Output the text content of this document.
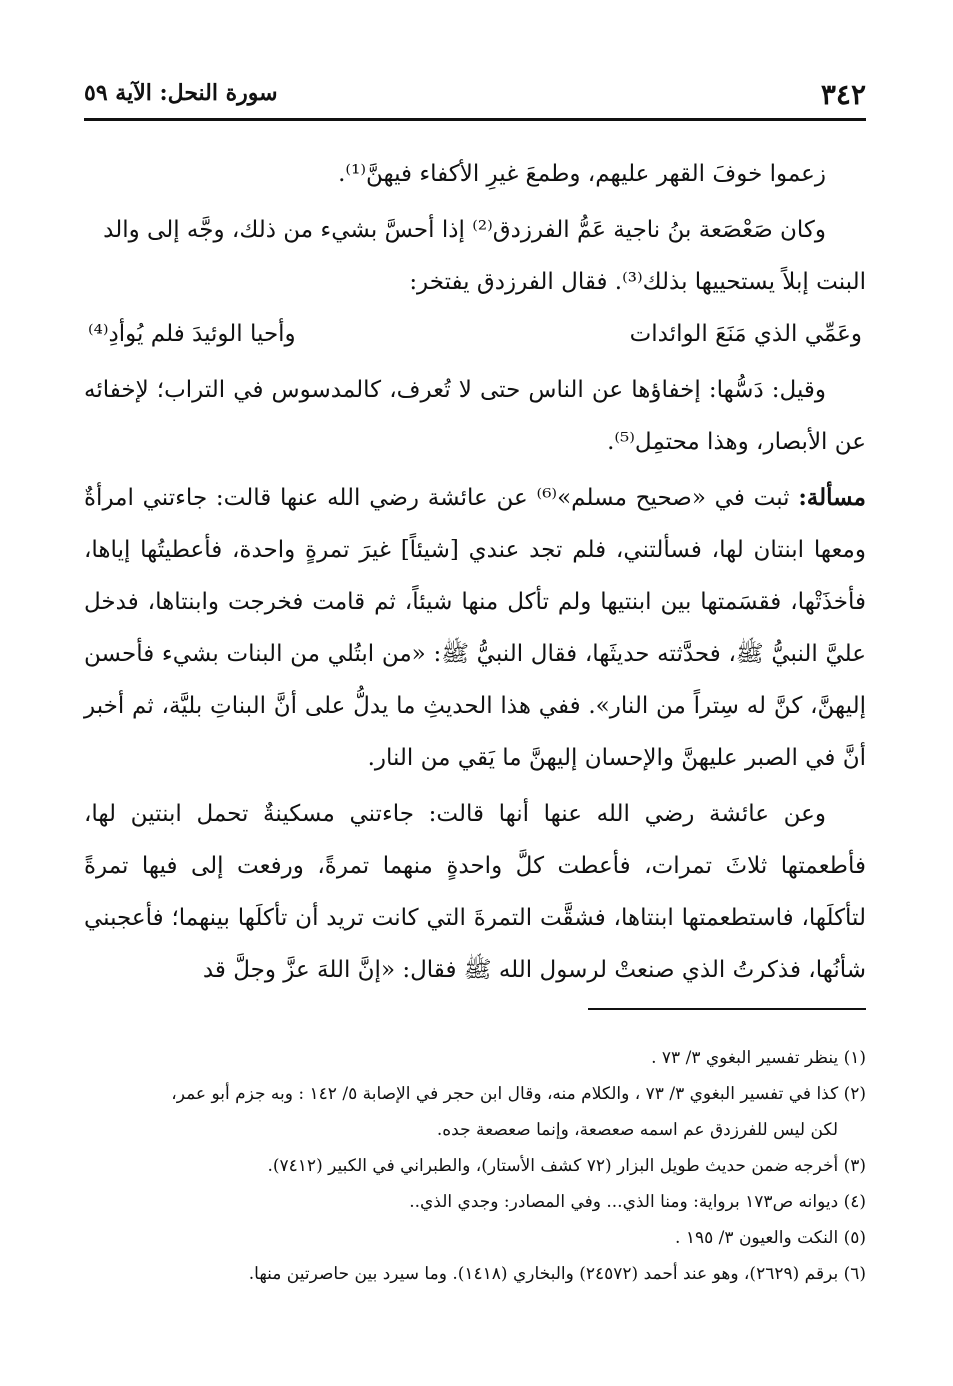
٣٤٢
سورة النحل: الآية ٥٩

زعموا خوفَ القهر عليهم، وطمعَ غيرِ الأكفاء فيهنَّ⁽¹⁾.

وكان صَعْصَعة بنُ ناجية عَمُّ الفرزدق⁽²⁾ إذا أحسَّ بشيء من ذلك، وجَّه إلى والد

البنت إبلاً يستحييها بذلك⁽³⁾. فقال الفرزدق يفتخر:

وعَمِّي الذي مَنَعَ الوائدات
وأحيا الوئيدَ فلم يُوأدِ⁽⁴⁾

وقيل: دَسُّها: إخفاؤها عن الناس حتى لا تُعرف، كالمدسوس في التراب؛ لإخفائه عن الأبصار، وهذا محتمِل⁽⁵⁾.

مسألة: ثبت في «صحيح مسلم»⁽⁶⁾ عن عائشة رضي الله عنها قالت: جاءتني امرأةٌ ومعها ابنتان لها، فسألتني، فلم تجد عندي [شيئاً] غيرَ تمرةٍ واحدة، فأعطيتُها إياها، فأخذَتْها، فقسَمتها بين ابنتيها ولم تأكل منها شيئاً، ثم قامت فخرجت وابنتاها، فدخل عليَّ النبيُّ ﷺ، فحدَّثته حديثَها، فقال النبيُّ ﷺ: «من ابتُلي من البنات بشيء فأحسن إليهنَّ، كنَّ له سِتراً من النار». ففي هذا الحديثِ ما يدلُّ على أنَّ البناتِ بليَّة، ثم أخبر أنَّ في الصبر عليهنَّ والإحسان إليهنَّ ما يَقي من النار.

وعن عائشة رضي الله عنها أنها قالت: جاءتني مسكينةٌ تحمل ابنتين لها، فأطعمتها ثلاثَ تمرات، فأعطت كلَّ واحدةٍ منهما تمرةً، ورفعت إلى فيها تمرةً لتأكلَها، فاستطعمتها ابنتاها، فشقَّت التمرةَ التي كانت تريد أن تأكلَها بينهما؛ فأعجبني شأنُها، فذكرتُ الذي صنعتْ لرسول الله ﷺ فقال: «إنَّ اللهَ عزَّ وجلَّ قد

(١) ينظر تفسير البغوي ٣/ ٧٣ .

(٢) كذا في تفسير البغوي ٣/ ٧٣ ، والكلام منه، وقال ابن حجر في الإصابة ٥/ ١٤٢ : وبه جزم أبو عمر،

لكن ليس للفرزدق عم اسمه صعصعة، وإنما صعصعة جده.

(٣) أخرجه ضمن حديث طويل البزار (٧٢ كشف الأستار)، والطبراني في الكبير (٧٤١٢).

(٤) ديوانه ص١٧٣ برواية: ومنا الذي... وفي المصادر: وجدي الذي..

(٥) النكت والعيون ٣/ ١٩٥ .

(٦) برقم (٢٦٢٩)، وهو عند أحمد (٢٤٥٧٢) والبخاري (١٤١٨). وما سيرد بين حاصرتين منها.
